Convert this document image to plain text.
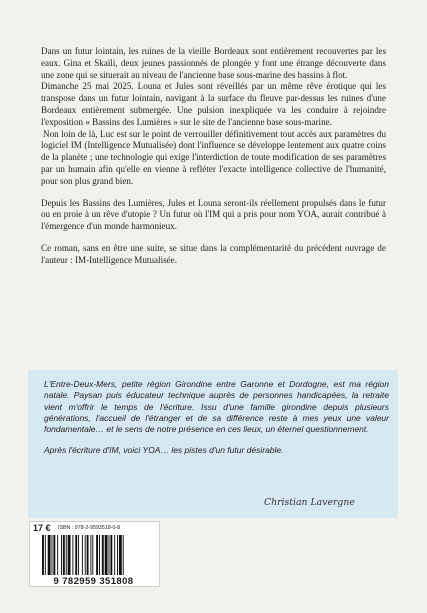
Dans un futur lointain, les ruines de la vieille Bordeaux sont entièrement recouvertes par les eaux. Gina et Skaïli, deux jeunes passionnés de plongée y font une étrange découverte dans une zone qui se situerait au niveau de l'ancienne base sous-marine des bassins à flot.

Dimanche 25 mai 2025. Louna et Jules sont réveillés par un même rêve érotique qui les transpose dans un futur lointain, navigant à la surface du fleuve par-dessus les ruines d'une Bordeaux entièrement submergée. Une pulsion inexpliquée va les conduire à rejoindre l'exposition « Bassins des Lumières » sur le site de l'ancienne base sous-marine.

Non loin de là, Luc est sur le point de verrouiller définitivement tout accès aux paramètres du logiciel IM (Intelligence Mutualisée) dont l'influence se développe lentement aux quatre coins de la planète ; une technologie qui exige l'interdiction de toute modification de ses paramètres par un humain afin qu'elle en vienne à refléter l'exacte intelligence collective de l'humanité, pour son plus grand bien.

Depuis les Bassins des Lumières, Jules et Louna seront-ils réellement propulsés dans le futur ou en proie à un rêve d'utopie ? Un futur où l'IM qui a pris pour nom YOA, aurait contribué à l'émergence d'un monde harmonieux.

Ce roman, sans en être une suite, se situe dans la complémentarité du précédent ouvrage de l'auteur : IM-Intelligence Mutualisée.

L'Entre-Deux-Mers, petite région Girondine entre Garonne et Dordogne, est ma région natale. Paysan puis éducateur technique auprès de personnes handicapées, la retraite vient m'offrir le temps de l'écriture. Issu d'une famille girondine depuis plusieurs générations, l'accueil de l'étranger et de sa différence reste à mes yeux une valeur fondamentale… et le sens de notre présence en ces lieux, un éternel questionnement.

Après l'écriture d'IM, voici YOA… les pistes d'un futur désirable.

Christian Lavergne
17 € ISBN : 978-2-9593518-0-8
9 782959 351808
